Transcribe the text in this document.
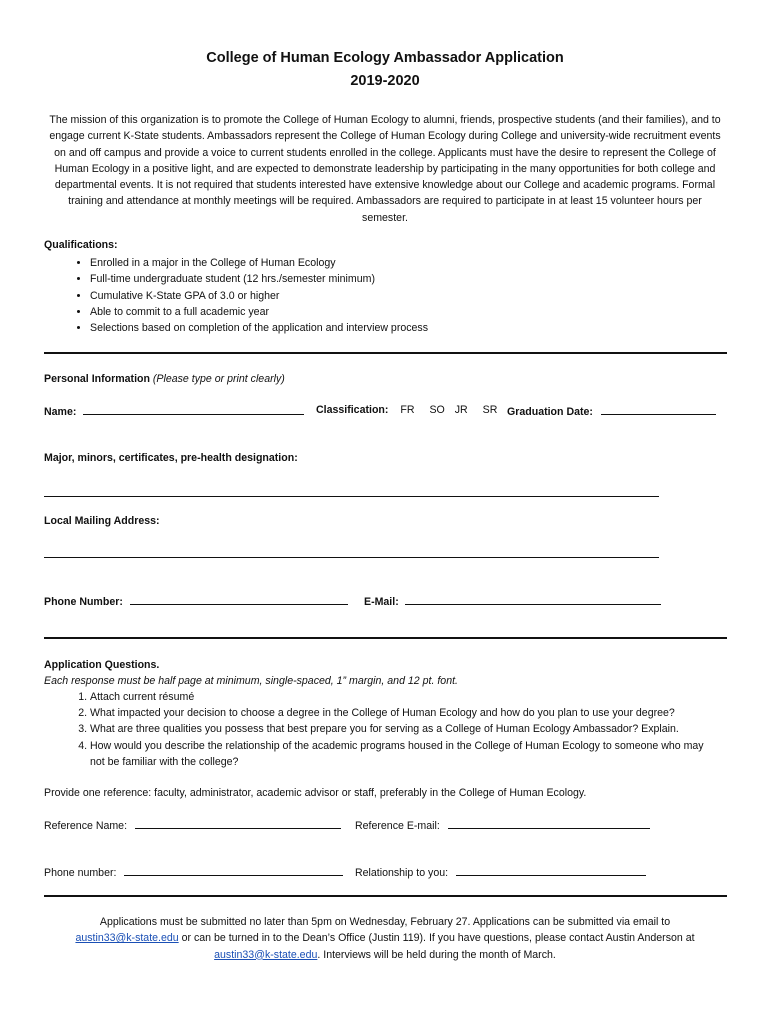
College of Human Ecology Ambassador Application
2019-2020
The mission of this organization is to promote the College of Human Ecology to alumni, friends, prospective students (and their families), and to engage current K-State students. Ambassadors represent the College of Human Ecology during College and university-wide recruitment events on and off campus and provide a voice to current students enrolled in the college. Applicants must have the desire to represent the College of Human Ecology in a positive light, and are expected to demonstrate leadership by participating in the many opportunities for both college and departmental events. It is not required that students interested have extensive knowledge about our College and academic programs. Formal training and attendance at monthly meetings will be required. Ambassadors are required to participate in at least 15 volunteer hours per semester.
Qualifications:
• Enrolled in a major in the College of Human Ecology
• Full-time undergraduate student (12 hrs./semester minimum)
• Cumulative K-State GPA of 3.0 or higher
• Able to commit to a full academic year
• Selections based on completion of the application and interview process
Personal Information (Please type or print clearly)
Name:	Classification: FR SO JR SR Graduation Date:
Major, minors, certificates, pre-health designation:
Local Mailing Address:
Phone Number:	E-Mail:
Application Questions.
Each response must be half page at minimum, single-spaced, 1” margin, and 12 pt. font.
1. Attach current résumé
2. What impacted your decision to choose a degree in the College of Human Ecology and how do you plan to use your degree?
3. What are three qualities you possess that best prepare you for serving as a College of Human Ecology Ambassador? Explain.
4. How would you describe the relationship of the academic programs housed in the College of Human Ecology to someone who may not be familiar with the college?
Provide one reference: faculty, administrator, academic advisor or staff, preferably in the College of Human Ecology.
Reference Name:	Reference E-mail:
Phone number:	Relationship to you:
Applications must be submitted no later than 5pm on Wednesday, February 27. Applications can be submitted via email to
austin33@k-state.edu or can be turned in to the Dean’s Office (Justin 119). If you have questions, please contact Austin Anderson at
austin33@k-state.edu. Interviews will be held during the month of March.
